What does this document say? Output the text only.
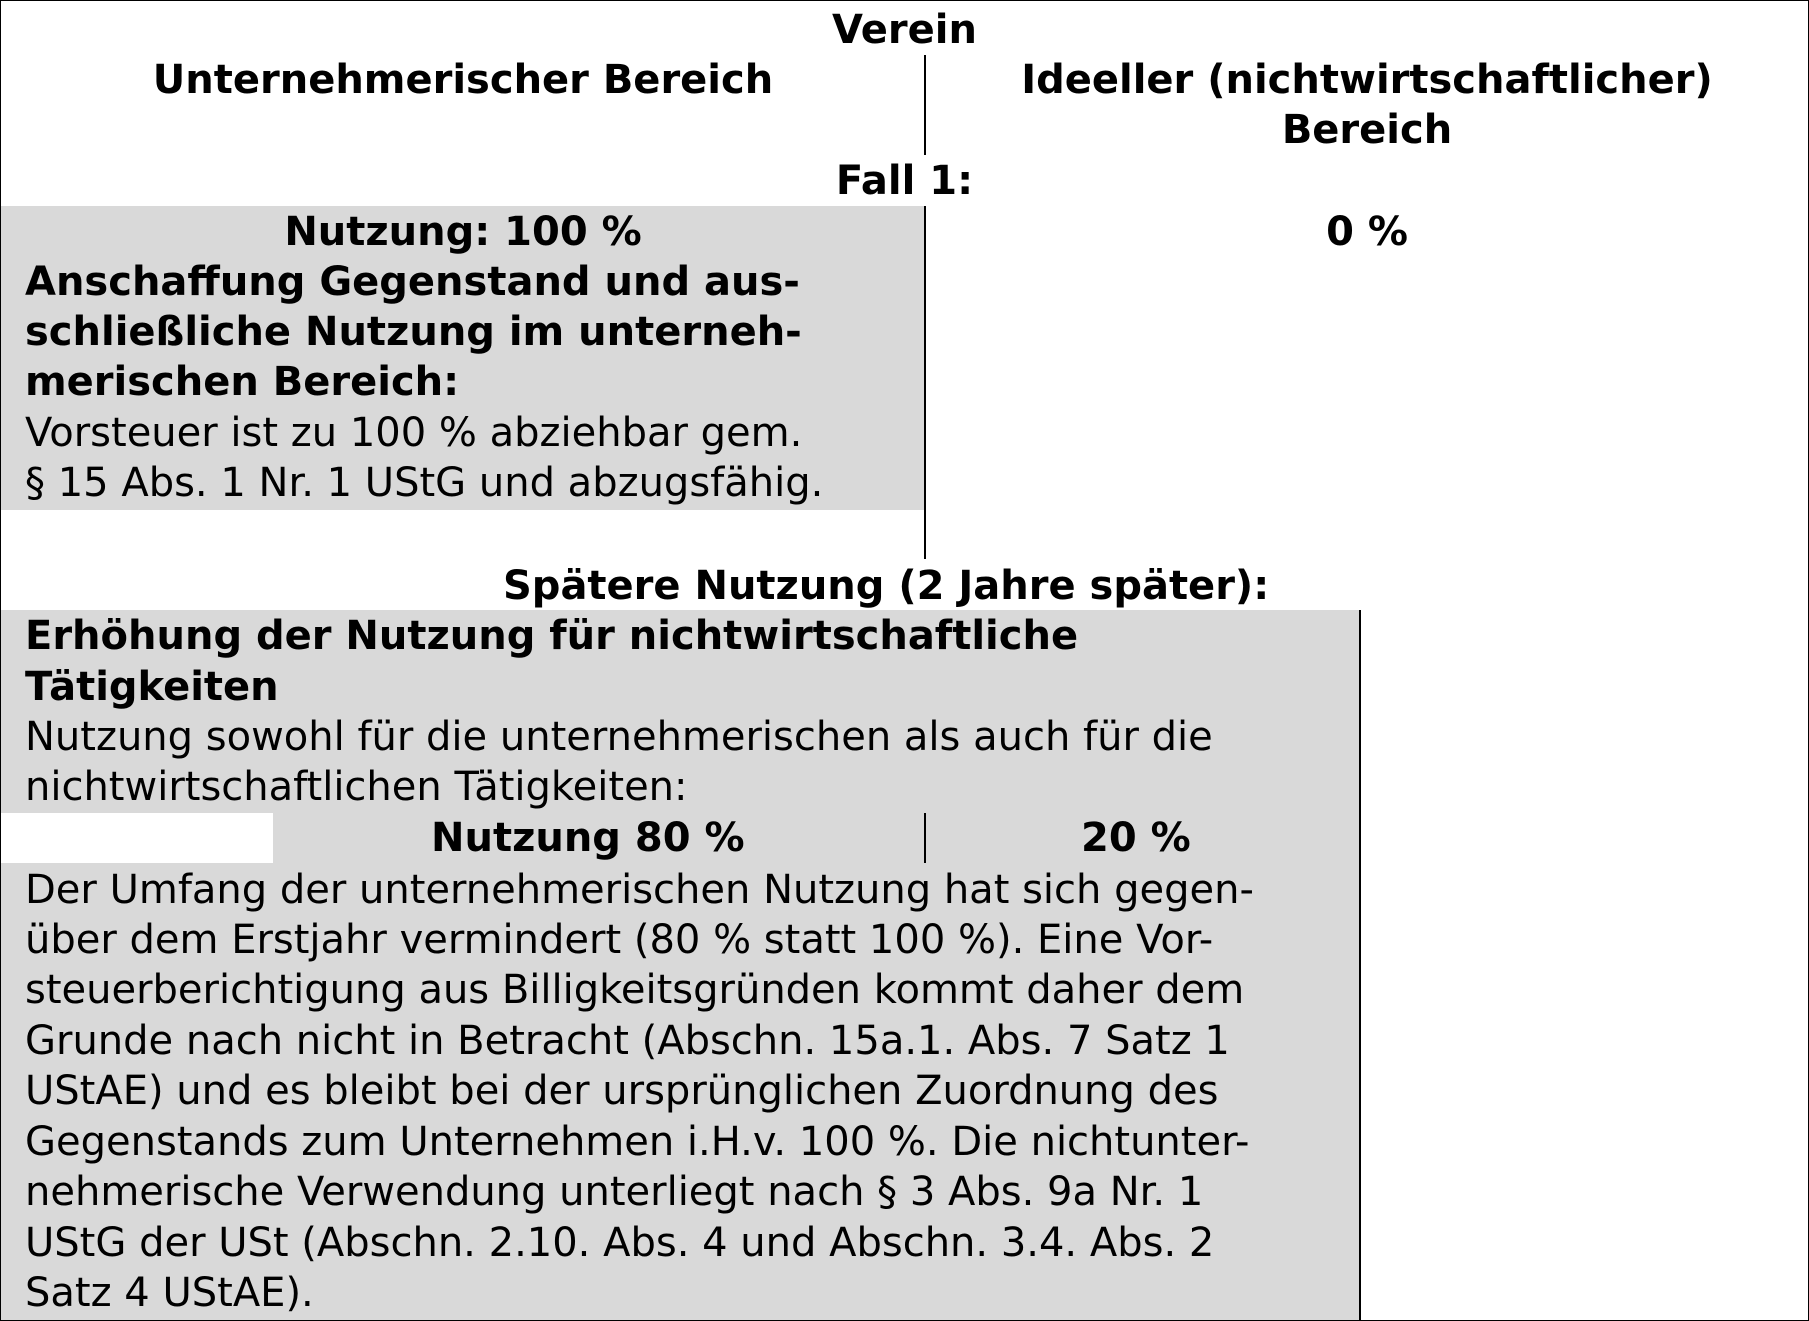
Verein
Unternehmerischer Bereich	Ideeller (nichtwirtschaftlicher)
Bereich
Fall 1:
Nutzung: 100 %	0 %
Anschaffung Gegenstand und aus-
schließliche Nutzung im unterneh-
merischen Bereich:
Vorsteuer ist zu 100 % abziehbar gem.
§ 15 Abs. 1 Nr. 1 UStG und abzugsfähig.
Spätere Nutzung (2 Jahre später):
Erhöhung der Nutzung für nichtwirtschaftliche
Tätigkeiten
Nutzung sowohl für die unternehmerischen als auch für die
nichtwirtschaftlichen Tätigkeiten:
Nutzung 80 %	20 %
Der Umfang der unternehmerischen Nutzung hat sich gegen-
über dem Erstjahr vermindert (80 % statt 100 %). Eine Vor-
steuerberichtigung aus Billigkeitsgründen kommt daher dem
Grunde nach nicht in Betracht (Abschn. 15a.1. Abs. 7 Satz 1
UStAE) und es bleibt bei der ursprünglichen Zuordnung des
Gegenstands zum Unternehmen i.H.v. 100 %. Die nichtunter-
nehmerische Verwendung unterliegt nach § 3 Abs. 9a Nr. 1
UStG der USt (Abschn. 2.10. Abs. 4 und Abschn. 3.4. Abs. 2
Satz 4 UStAE).
